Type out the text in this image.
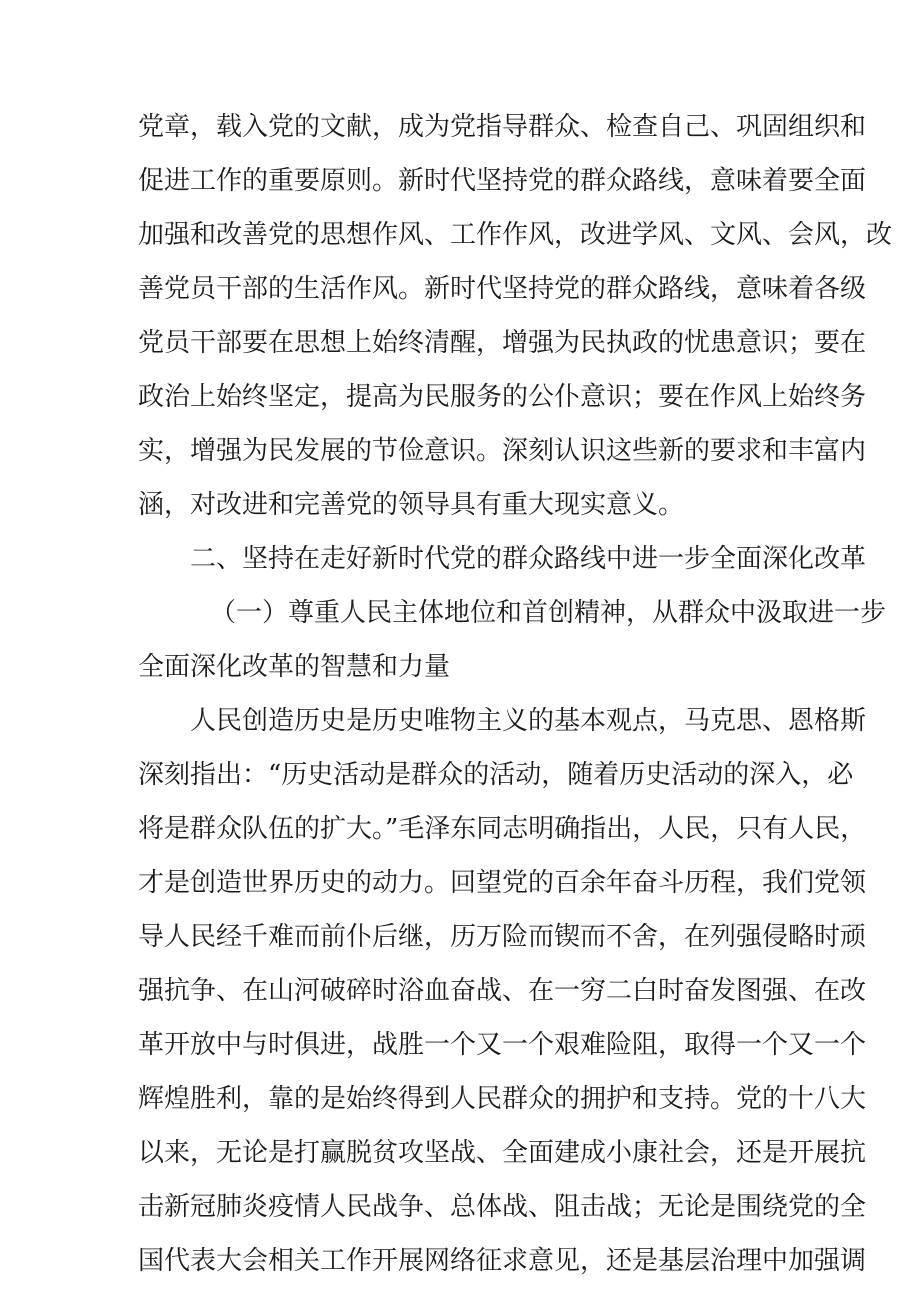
党章，载入党的文献，成为党指导群众、检查自己、巩固组织和
促进工作的重要原则。新时代坚持党的群众路线，意味着要全面
加强和改善党的思想作风、工作作风，改进学风、文风、会风，改
善党员干部的生活作风。新时代坚持党的群众路线，意味着各级
党员干部要在思想上始终清醒，增强为民执政的忧患意识；要在
政治上始终坚定，提高为民服务的公仆意识；要在作风上始终务
实，增强为民发展的节俭意识。深刻认识这些新的要求和丰富内
涵，对改进和完善党的领导具有重大现实意义。
二、坚持在走好新时代党的群众路线中进一步全面深化改革
（一）尊重人民主体地位和首创精神，从群众中汲取进一步
全面深化改革的智慧和力量
人民创造历史是历史唯物主义的基本观点，马克思、恩格斯
深刻指出：“历史活动是群众的活动，随着历史活动的深入，必
将是群众队伍的扩大。”毛泽东同志明确指出，人民，只有人民，
才是创造世界历史的动力。回望党的百余年奋斗历程，我们党领
导人民经千难而前仆后继，历万险而锲而不舍，在列强侵略时顽
强抗争、在山河破碎时浴血奋战、在一穷二白时奋发图强、在改
革开放中与时俱进，战胜一个又一个艰难险阻，取得一个又一个
辉煌胜利，靠的是始终得到人民群众的拥护和支持。党的十八大
以来，无论是打赢脱贫攻坚战、全面建成小康社会，还是开展抗
击新冠肺炎疫情人民战争、总体战、阻击战；无论是围绕党的全
国代表大会相关工作开展网络征求意见，还是基层治理中加强调
